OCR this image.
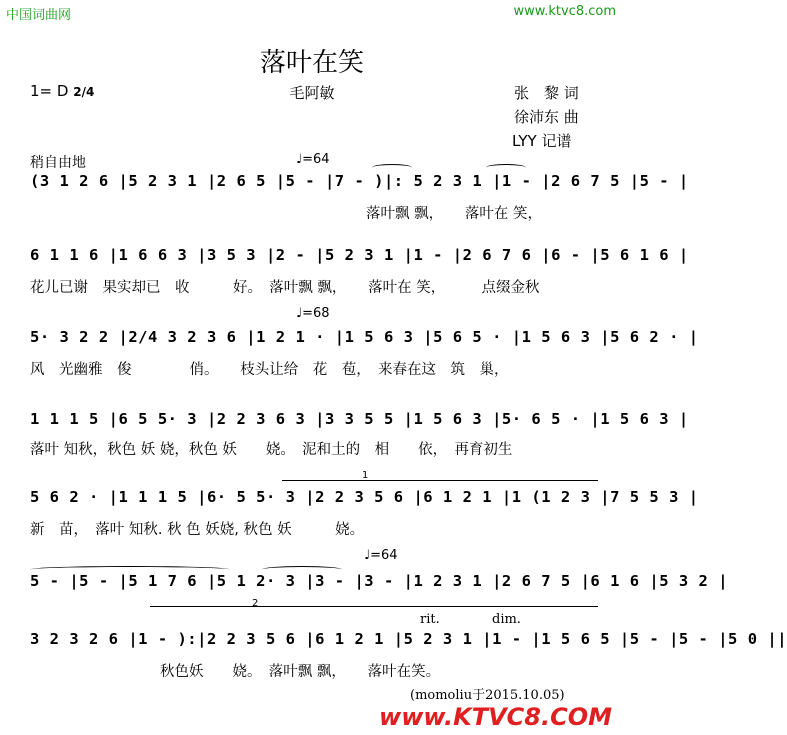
中国词曲网	www.ktvc8.com
落叶在笑
毛阿敏
1= D 2/4	张　黎 词
徐沛东 曲
LYY 记谱
稍自由地	♩=64
♩=68
♩=64
(3 1 2 6 |5 2 3 1 |2 6 5 |5 - |7 - )|: 5 2 3 1 |1 - |2 6 7 5 |5 - |
落叶飘 飘，　　落叶在 笑，
6 1 1 6 |1 6 6 3 |3 5 3 |2 - |5 2 3 1 |1 - |2 6 7 6 |6 - |5 6 1 6 |
花儿已谢　果实却已　收　　　好。　落叶飘 飘，　　落叶在 笑，　　　点缀金秋
5· 3 2 2 |2/4 3 2 3 6 |1 2 1 · |1 5 6 3 |5 6 5 · |1 5 6 3 |5 6 2 · |
风　光幽雅　俊　　　　俏。　　枝头让给　花　苞，　来春在这　筑　巢，
1 1 1 5 |6 5 5· 3 |2 2 3 6 3 |3 3 5 5 |1 5 6 3 |5· 6 5 · |1 5 6 3 |
落叶 知秋，秋色 妖 娆，秋色 妖　　娆。　泥和土的　相　　依，　再育初生
1
5 6 2 · |1 1 1 5 |6· 5 5· 3 |2 2 3 5 6 |6 1 2 1 |1 (1 2 3 |7 5 5 3 |
新　苗，　落叶 知秋. 秋 色 妖娆, 秋色 妖　　　娆。
5 - |5 - |5 1 7 6 |5 1 2· 3 |3 - |3 - |1 2 3 1 |2 6 7 5 |6 1 6 |5 3 2 |
2
rit.	dim.
3 2 3 2 6 |1 - ):|2 2 3 5 6 |6 1 2 1 |5 2 3 1 |1 - |1 5 6 5 |5 - |5 - |5 0 ||
秋色妖　　娆。　落叶飘 飘，　　落叶在笑。
(momoliu于2015.10.05)
www.KTVC8.COM
